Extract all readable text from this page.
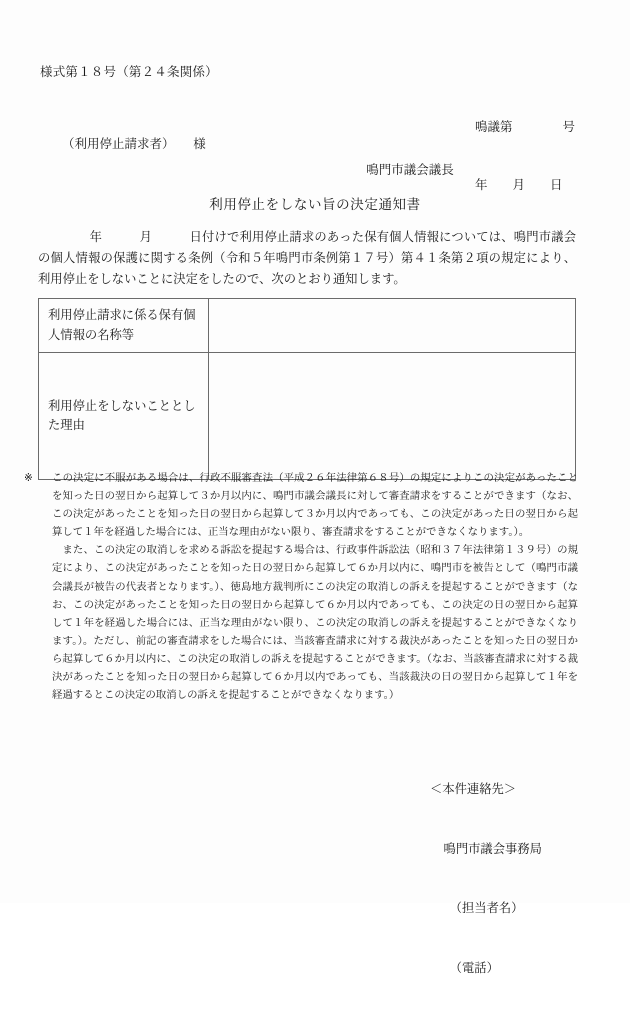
様式第１８号（第２４条関係）

鳴議第　　　　号

年　　月　　日

（利用停止請求者）　　様
鳴門市議会議長
利用停止をしない旨の決定通知書
年　　　月　　　日付けで利用停止請求のあった保有個人情報については、鳴門市議会の個人情報の保護に関する条例（令和５年鳴門市条例第１７号）第４１条第２項の規定により、利用停止をしないことに決定をしたので、次のとおり通知します。
利用停止請求に係る保有個人情報の名称等	
利用停止をしないこととした理由	

※ この決定に不服がある場合は、行政不服審査法（平成２６年法律第６８号）の規定によりこの決定があったことを知った日の翌日から起算して３か月以内に、鳴門市議会議長に対して審査請求をすることができます（なお、この決定があったことを知った日の翌日から起算して３か月以内であっても、この決定があった日の翌日から起算して１年を経過した場合には、正当な理由がない限り、審査請求をすることができなくなります。）。

また、この決定の取消しを求める訴訟を提起する場合は、行政事件訴訟法（昭和３７年法律第１３９号）の規定により、この決定があったことを知った日の翌日から起算して６か月以内に、鳴門市を被告として（鳴門市議会議長が被告の代表者となります。）、徳島地方裁判所にこの決定の取消しの訴えを提起することができます（なお、この決定があったことを知った日の翌日から起算して６か月以内であっても、この決定の日の翌日から起算して１年を経過した場合には、正当な理由がない限り、この決定の取消しの訴えを提起することができなくなります。）。ただし、前記の審査請求をした場合には、当該審査請求に対する裁決があったことを知った日の翌日から起算して６か月以内に、この決定の取消しの訴えを提起することができます。（なお、当該審査請求に対する裁決があったことを知った日の翌日から起算して６か月以内であっても、当該裁決の日の翌日から起算して１年を経過するとこの決定の取消しの訴えを提起することができなくなります。）

＜本件連絡先＞

鳴門市議会事務局

（担当者名）

（電話）
